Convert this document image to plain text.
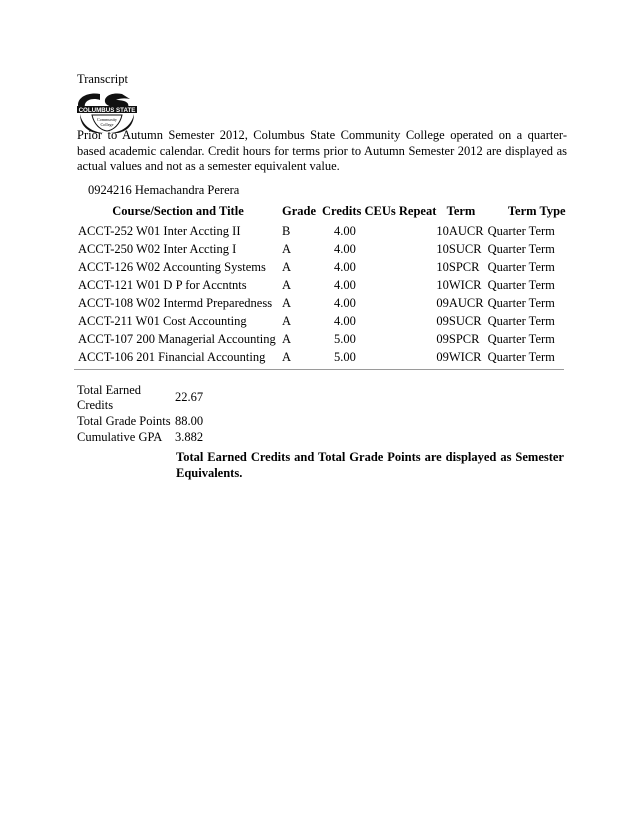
Transcript
COLUMBUS STATE
Community
College
Prior to Autumn Semester 2012, Columbus State Community College operated on a quarter-based academic calendar. Credit hours for terms prior to Autumn Semester 2012 are displayed as actual values and not as a semester equivalent value.
0924216 Hemachandra Perera
Course/Section and Title	Grade	Credits CEUs Repeat	Term	Term Type
ACCT-252 W01 Inter Accting II	B	4.00	10AUCR	Quarter Term
ACCT-250 W02 Inter Accting I	A	4.00	10SUCR	Quarter Term
ACCT-126 W02 Accounting Systems	A	4.00	10SPCR	Quarter Term
ACCT-121 W01 D P for Accntnts	A	4.00	10WICR	Quarter Term
ACCT-108 W02 Intermd Preparedness	A	4.00	09AUCR	Quarter Term
ACCT-211 W01 Cost Accounting	A	4.00	09SUCR	Quarter Term
ACCT-107 200 Managerial Accounting	A	5.00	09SPCR	Quarter Term
ACCT-106 201 Financial Accounting	A	5.00	09WICR	Quarter Term
Total Earned Credits
22.67
Total Grade Points 88.00
Cumulative GPA	3.882
Total Earned Credits and Total Grade Points are displayed as Semester Equivalents.
